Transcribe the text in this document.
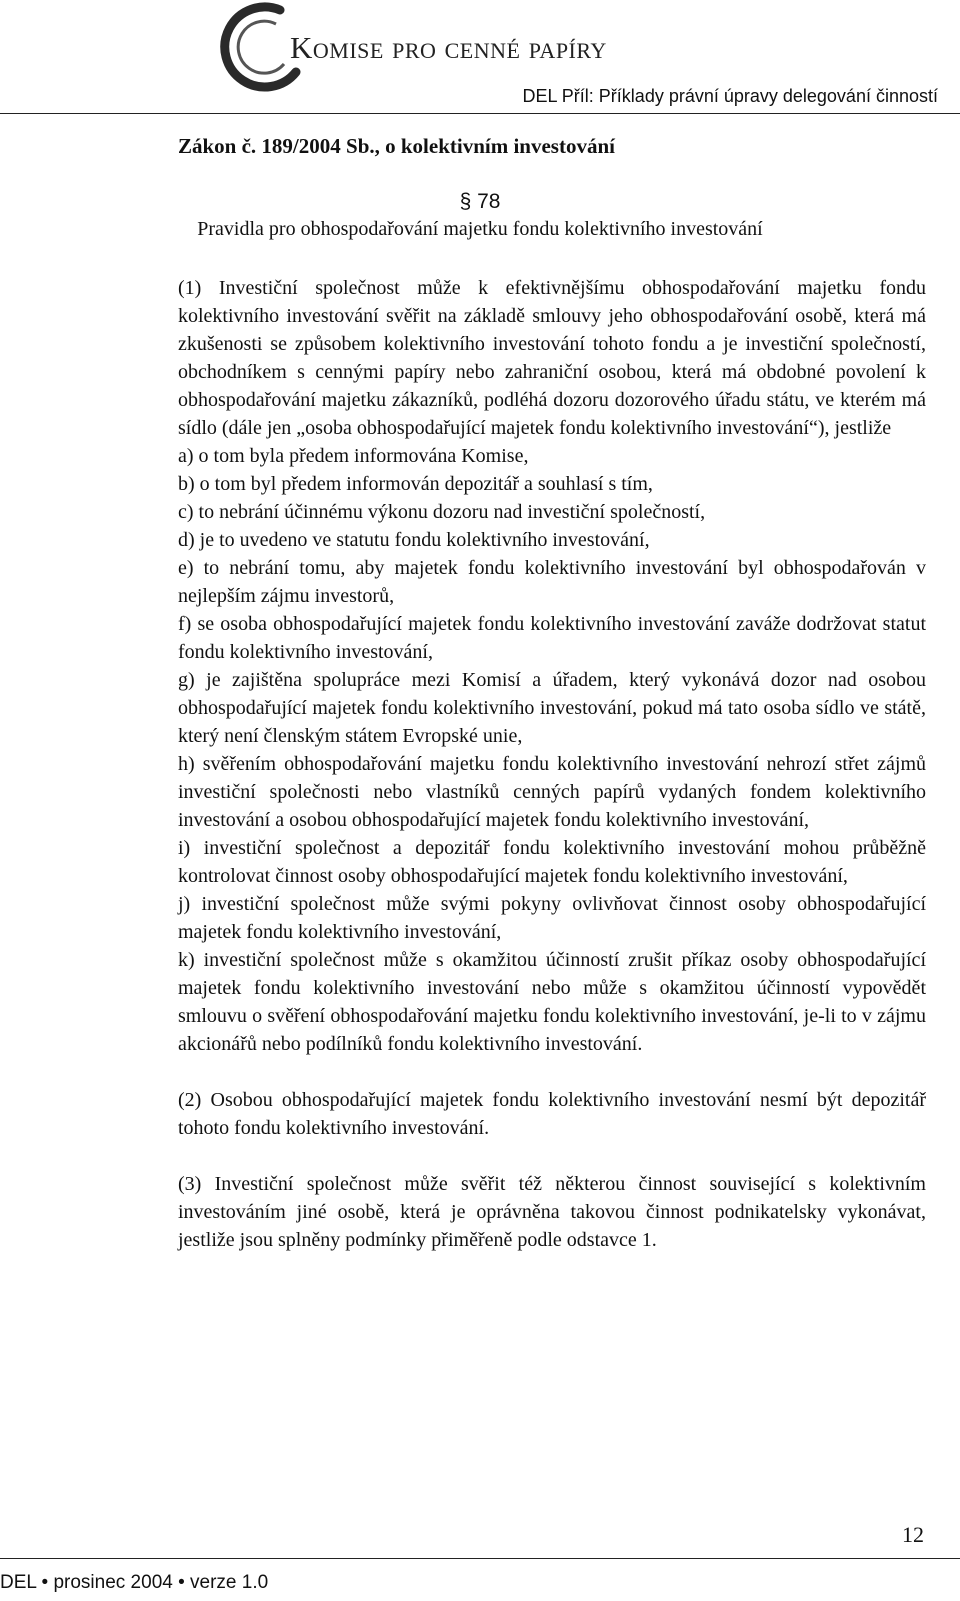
Komise pro cenné papíry
DEL Příl: Příklady právní úpravy delegování činností
Zákon č. 189/2004 Sb., o kolektivním investování
§ 78
Pravidla pro obhospodařování majetku fondu kolektivního investování

(1) Investiční společnost může k efektivnějšímu obhospodařování majetku fondu kolektivního investování svěřit na základě smlouvy jeho obhospodařování osobě, která má zkušenosti se způsobem kolektivního investování tohoto fondu a je investiční společností, obchodníkem s cennými papíry nebo zahraniční osobou, která má obdobné povolení k obhospodařování majetku zákazníků, podléhá dozoru dozorového úřadu státu, ve kterém má sídlo (dále jen „osoba obhospodařující majetek fondu kolektivního investování“), jestliže

a) o tom byla předem informována Komise,

b) o tom byl předem informován depozitář a souhlasí s tím,

c) to nebrání účinnému výkonu dozoru nad investiční společností,

d) je to uvedeno ve statutu fondu kolektivního investování,

e) to nebrání tomu, aby majetek fondu kolektivního investování byl obhospodařován v nejlepším zájmu investorů,

f) se osoba obhospodařující majetek fondu kolektivního investování zaváže dodržovat statut fondu kolektivního investování,

g) je zajištěna spolupráce mezi Komisí a úřadem, který vykonává dozor nad osobou obhospodařující majetek fondu kolektivního investování, pokud má tato osoba sídlo ve státě, který není členským státem Evropské unie,

h) svěřením obhospodařování majetku fondu kolektivního investování nehrozí střet zájmů investiční společnosti nebo vlastníků cenných papírů vydaných fondem kolektivního investování a osobou obhospodařující majetek fondu kolektivního investování,

i) investiční společnost a depozitář fondu kolektivního investování mohou průběžně kontrolovat činnost osoby obhospodařující majetek fondu kolektivního investování,

j) investiční společnost může svými pokyny ovlivňovat činnost osoby obhospodařující majetek fondu kolektivního investování,

k) investiční společnost může s okamžitou účinností zrušit příkaz osoby obhospodařující majetek fondu kolektivního investování nebo může s okamžitou účinností vypovědět smlouvu o svěření obhospodařování majetku fondu kolektivního investování, je-li to v zájmu akcionářů nebo podílníků fondu kolektivního investování.

(2) Osobou obhospodařující majetek fondu kolektivního investování nesmí být depozitář tohoto fondu kolektivního investování.

(3) Investiční společnost může svěřit též některou činnost související s kolektivním investováním jiné osobě, která je oprávněna takovou činnost podnikatelsky vykonávat, jestliže jsou splněny podmínky přiměřeně podle odstavce 1.

12
DEL • prosinec 2004 • verze 1.0
